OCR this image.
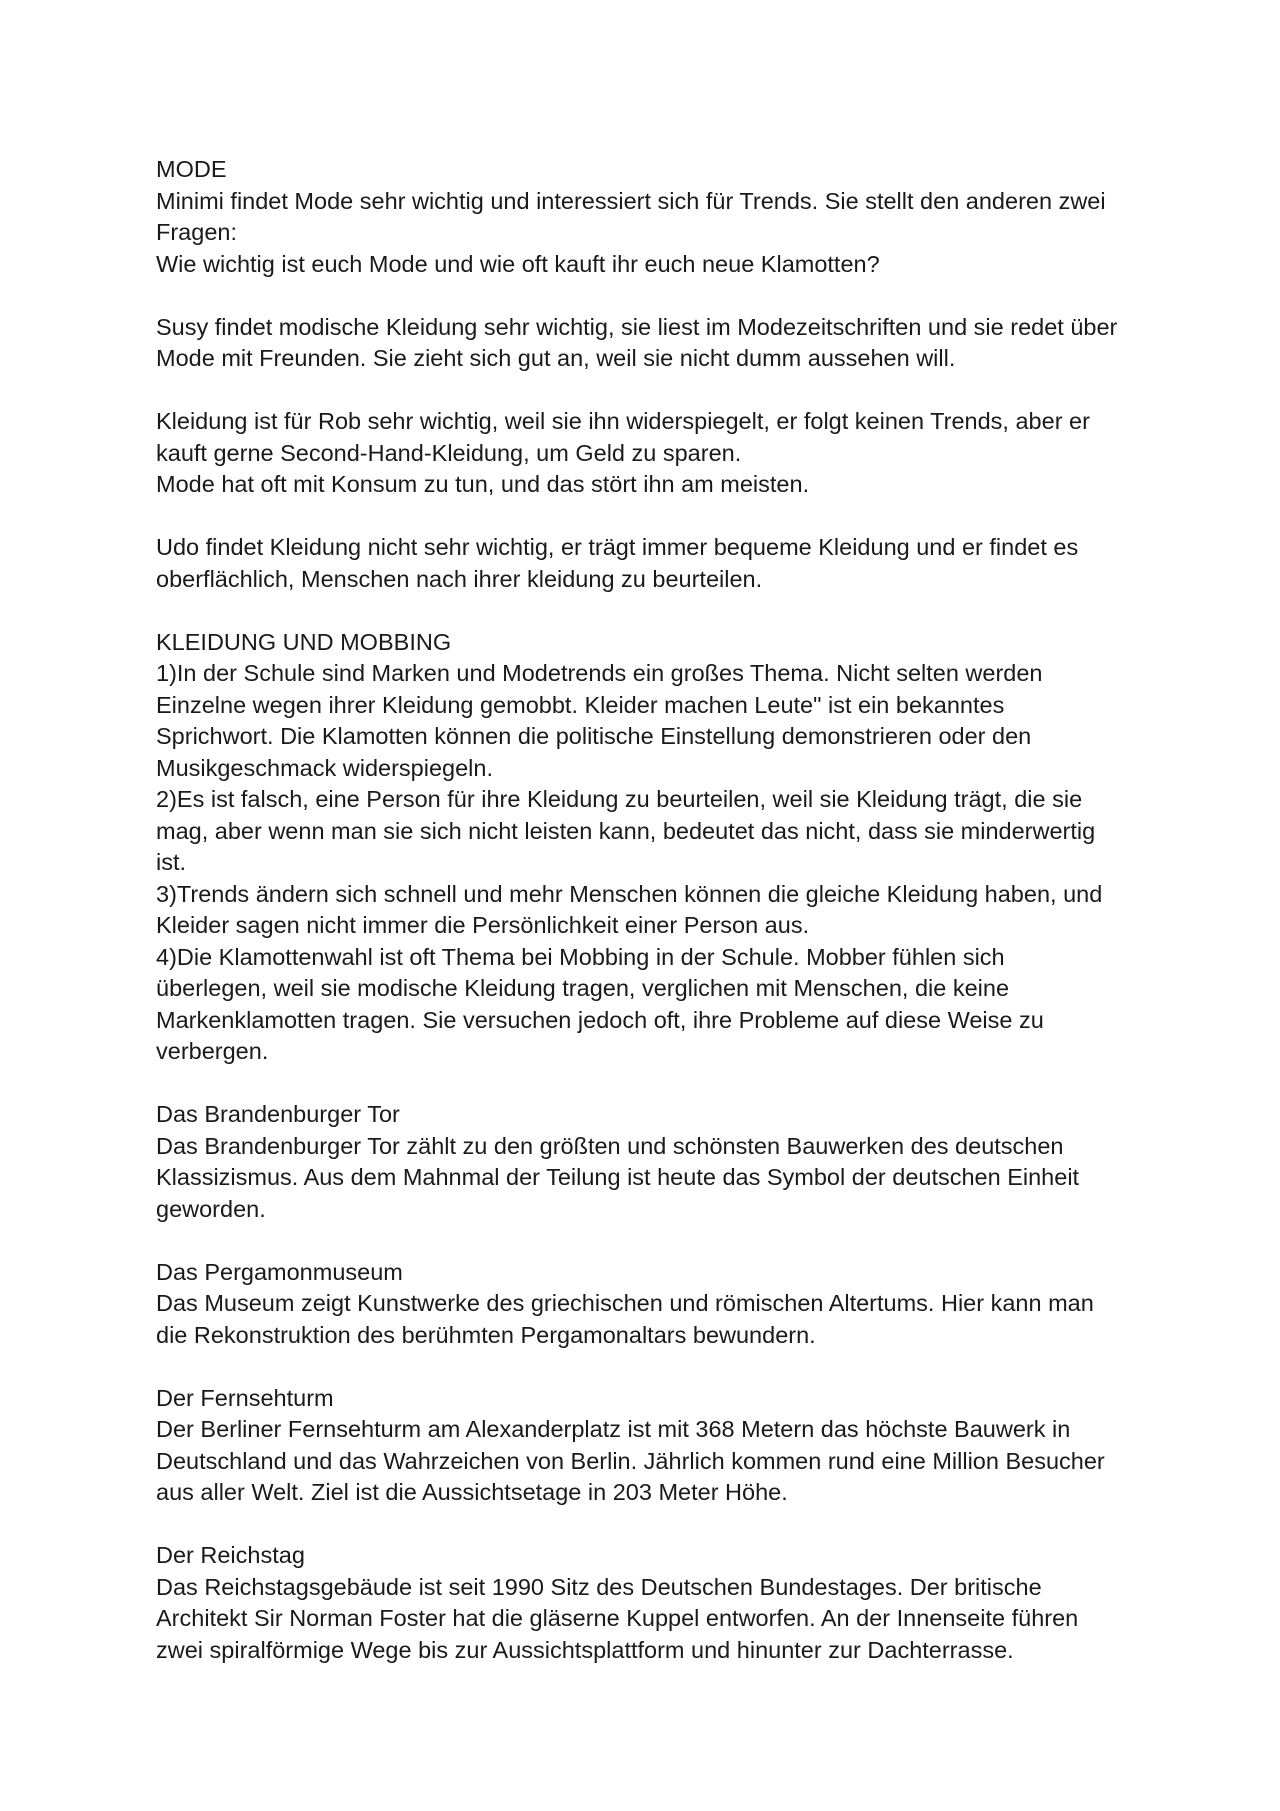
MODE
Minimi findet Mode sehr wichtig und interessiert sich für Trends. Sie stellt den anderen zwei
Fragen:
Wie wichtig ist euch Mode und wie oft kauft ihr euch neue Klamotten?
Susy findet modische Kleidung sehr wichtig, sie liest im Modezeitschriften und sie redet über
Mode mit Freunden. Sie zieht sich gut an, weil sie nicht dumm aussehen will.
Kleidung ist für Rob sehr wichtig, weil sie ihn widerspiegelt, er folgt keinen Trends, aber er
kauft gerne Second-Hand-Kleidung, um Geld zu sparen.
Mode hat oft mit Konsum zu tun, und das stört ihn am meisten.
Udo findet Kleidung nicht sehr wichtig, er trägt immer bequeme Kleidung und er findet es
oberflächlich, Menschen nach ihrer kleidung zu beurteilen.
KLEIDUNG UND MOBBING
1)In der Schule sind Marken und Modetrends ein großes Thema. Nicht selten werden
Einzelne wegen ihrer Kleidung gemobbt. Kleider machen Leute" ist ein bekanntes
Sprichwort. Die Klamotten können die politische Einstellung demonstrieren oder den
Musikgeschmack widerspiegeln.
2)Es ist falsch, eine Person für ihre Kleidung zu beurteilen, weil sie Kleidung trägt, die sie
mag, aber wenn man sie sich nicht leisten kann, bedeutet das nicht, dass sie minderwertig
ist.
3)Trends ändern sich schnell und mehr Menschen können die gleiche Kleidung haben, und
Kleider sagen nicht immer die Persönlichkeit einer Person aus.
4)Die Klamottenwahl ist oft Thema bei Mobbing in der Schule. Mobber fühlen sich
überlegen, weil sie modische Kleidung tragen, verglichen mit Menschen, die keine
Markenklamotten tragen. Sie versuchen jedoch oft, ihre Probleme auf diese Weise zu
verbergen.
Das Brandenburger Tor
Das Brandenburger Tor zählt zu den größten und schönsten Bauwerken des deutschen
Klassizismus. Aus dem Mahnmal der Teilung ist heute das Symbol der deutschen Einheit
geworden.
Das Pergamonmuseum
Das Museum zeigt Kunstwerke des griechischen und römischen Altertums. Hier kann man
die Rekonstruktion des berühmten Pergamonaltars bewundern.
Der Fernsehturm
Der Berliner Fernsehturm am Alexanderplatz ist mit 368 Metern das höchste Bauwerk in
Deutschland und das Wahrzeichen von Berlin. Jährlich kommen rund eine Million Besucher
aus aller Welt. Ziel ist die Aussichtsetage in 203 Meter Höhe.
Der Reichstag
Das Reichstagsgebäude ist seit 1990 Sitz des Deutschen Bundestages. Der britische
Architekt Sir Norman Foster hat die gläserne Kuppel entworfen. An der Innenseite führen
zwei spiralförmige Wege bis zur Aussichtsplattform und hinunter zur Dachterrasse.
